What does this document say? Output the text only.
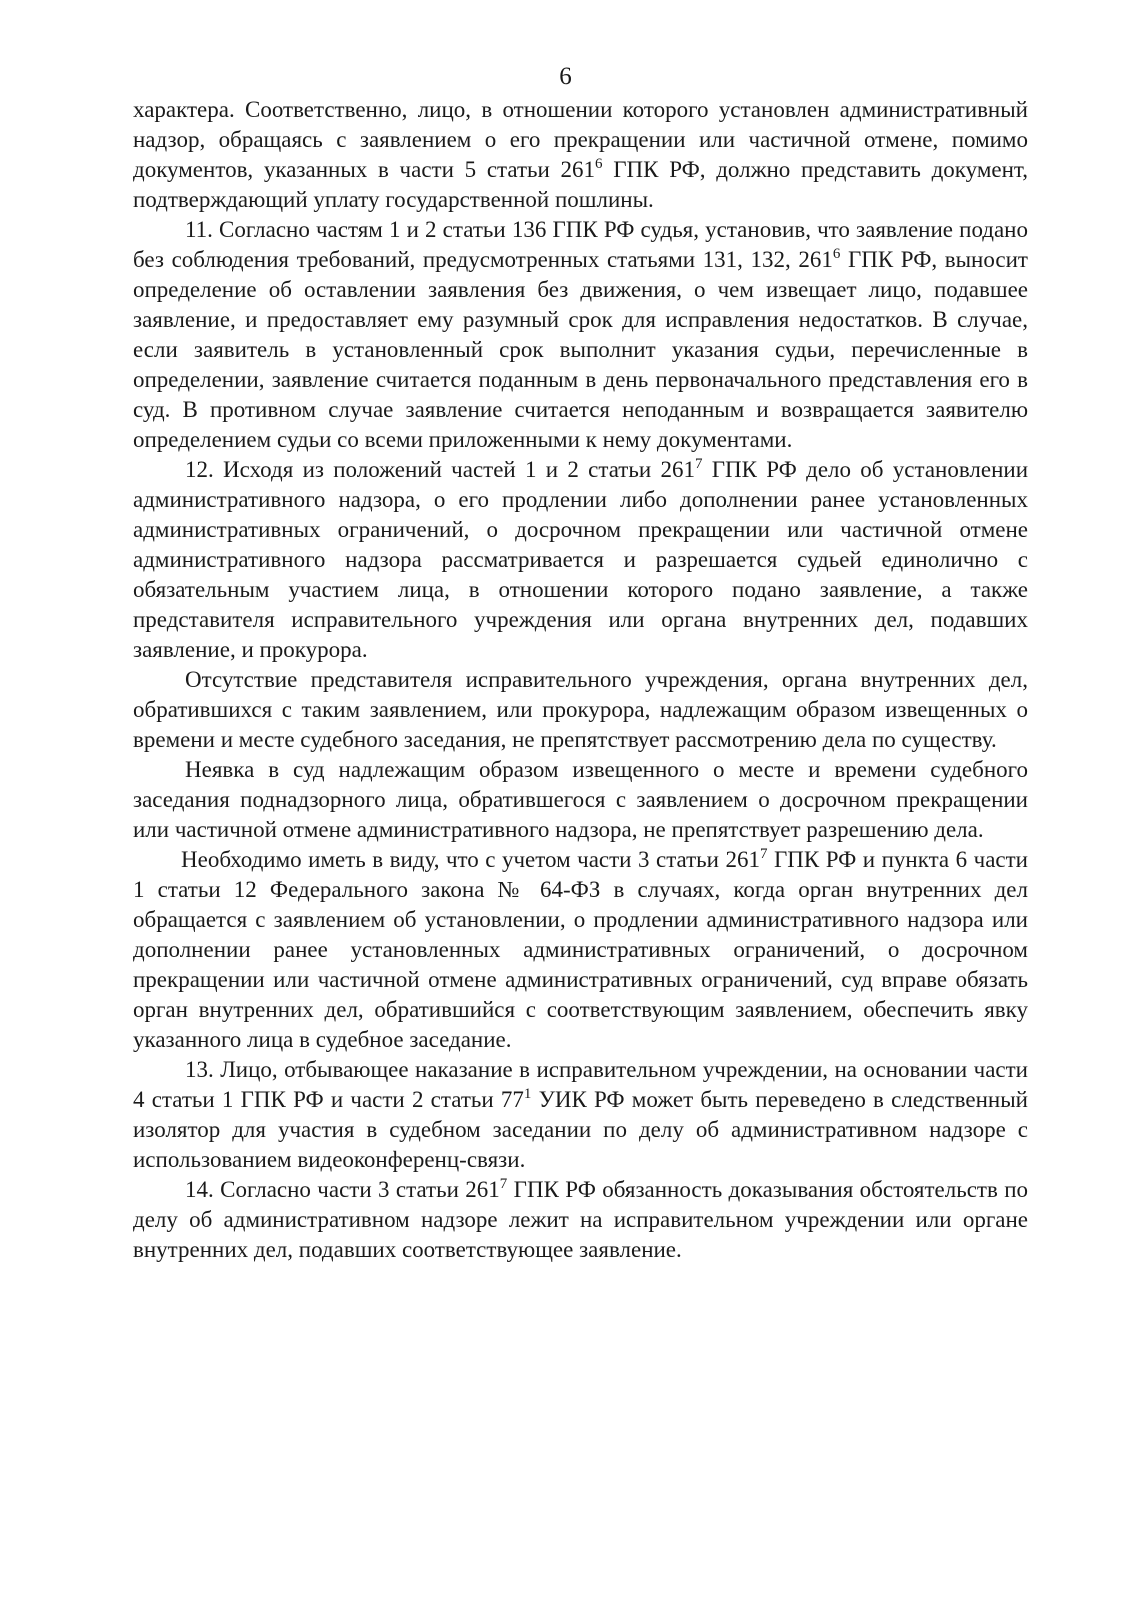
6

характера. Соответственно, лицо, в отношении которого установлен административный надзор, обращаясь с заявлением о его прекращении или частичной отмене, помимо документов, указанных в части 5 статьи $261^6$ ГПК РФ, должно представить документ, подтверждающий уплату государственной пошлины.

11. Согласно частям 1 и 2 статьи 136 ГПК РФ судья, установив, что заявление подано без соблюдения требований, предусмотренных статьями 131, 132, $261^6$ ГПК РФ, выносит определение об оставлении заявления без движения, о чем извещает лицо, подавшее заявление, и предоставляет ему разумный срок для исправления недостатков. В случае, если заявитель в установленный срок выполнит указания судьи, перечисленные в определении, заявление считается поданным в день первоначального представления его в суд. В противном случае заявление считается неподанным и возвращается заявителю определением судьи со всеми приложенными к нему документами.

12. Исходя из положений частей 1 и 2 статьи $261^7$ ГПК РФ дело об установлении административного надзора, о его продлении либо дополнении ранее установленных административных ограничений, о досрочном прекращении или частичной отмене административного надзора рассматривается и разрешается судьей единолично с обязательным участием лица, в отношении которого подано заявление, а также представителя исправительного учреждения или органа внутренних дел, подавших заявление, и прокурора.

Отсутствие представителя исправительного учреждения, органа внутренних дел, обратившихся с таким заявлением, или прокурора, надлежащим образом извещенных о времени и месте судебного заседания, не препятствует рассмотрению дела по существу.

Неявка в суд надлежащим образом извещенного о месте и времени судебного заседания поднадзорного лица, обратившегося с заявлением о досрочном прекращении или частичной отмене административного надзора, не препятствует разрешению дела.

Необходимо иметь в виду, что с учетом части 3 статьи $261^7$ ГПК РФ и пункта 6 части 1 статьи 12 Федерального закона № 64-ФЗ в случаях, когда орган внутренних дел обращается с заявлением об установлении, о продлении административного надзора или дополнении ранее установленных административных ограничений, о досрочном прекращении или частичной отмене административных ограничений, суд вправе обязать орган внутренних дел, обратившийся с соответствующим заявлением, обеспечить явку указанного лица в судебное заседание.

13. Лицо, отбывающее наказание в исправительном учреждении, на основании части 4 статьи 1 ГПК РФ и части 2 статьи $77^1$ УИК РФ может быть переведено в следственный изолятор для участия в судебном заседании по делу об административном надзоре с использованием видеоконференц-связи.

14. Согласно части 3 статьи $261^7$ ГПК РФ обязанность доказывания обстоятельств по делу об административном надзоре лежит на исправительном учреждении или органе внутренних дел, подавших соответствующее заявление.
